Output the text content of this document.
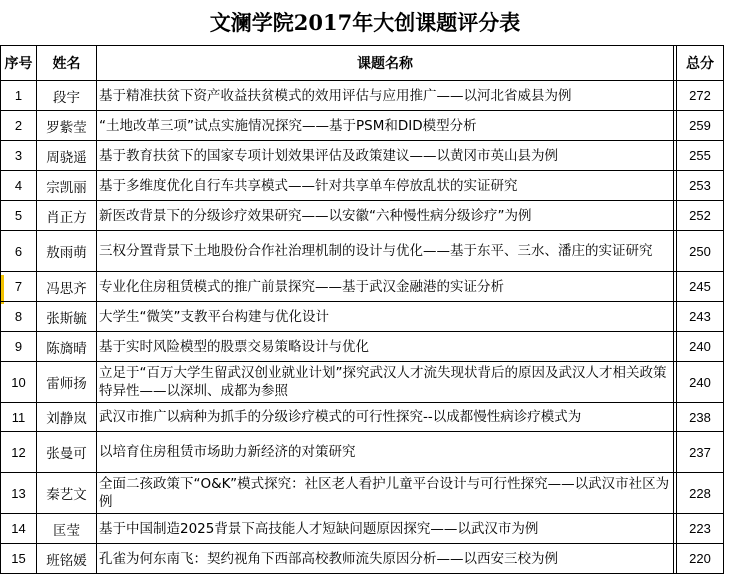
文澜学院2017年大创课题评分表
序号	姓名	课题名称		总分
1	段宇	基于精准扶贫下资产收益扶贫模式的效用评估与应用推广——以河北省威县为例		272
2	罗紫莹	“土地改革三项”试点实施情况探究——基于PSM和DID模型分析		259
3	周骁遥	基于教育扶贫下的国家专项计划效果评估及政策建议——以黄冈市英山县为例		255
4	宗凯丽	基于多维度优化自行车共享模式——针对共享单车停放乱状的实证研究		253
5	肖正方	新医改背景下的分级诊疗效果研究——以安徽“六种慢性病分级诊疗”为例		252
6	敖雨萌	三权分置背景下土地股份合作社治理机制的设计与优化——基于东平、三水、潘庄的实证研究		250
7	冯思齐	专业化住房租赁模式的推广前景探究——基于武汉金融港的实证分析		245
8	张斯毓	大学生“微笑”支教平台构建与优化设计		243
9	陈旖晴	基于实时风险模型的股票交易策略设计与优化		240
10	雷师扬	立足于“百万大学生留武汉创业就业计划”探究武汉人才流失现状背后的原因及武汉人才相关政策特异性——以深圳、成都为参照		240
11	刘静岚	武汉市推广以病种为抓手的分级诊疗模式的可行性探究--以成都慢性病诊疗模式为		238
12	张曼可	以培育住房租赁市场助力新经济的对策研究		237
13	秦艺文	全面二孩政策下“O&K”模式探究：社区老人看护儿童平台设计与可行性探究——以武汉市社区为例		228
14	匡莹	基于中国制造2025背景下高技能人才短缺问题原因探究——以武汉市为例		223
15	班铭媛	孔雀为何东南飞：契约视角下西部高校教师流失原因分析——以西安三校为例		220
